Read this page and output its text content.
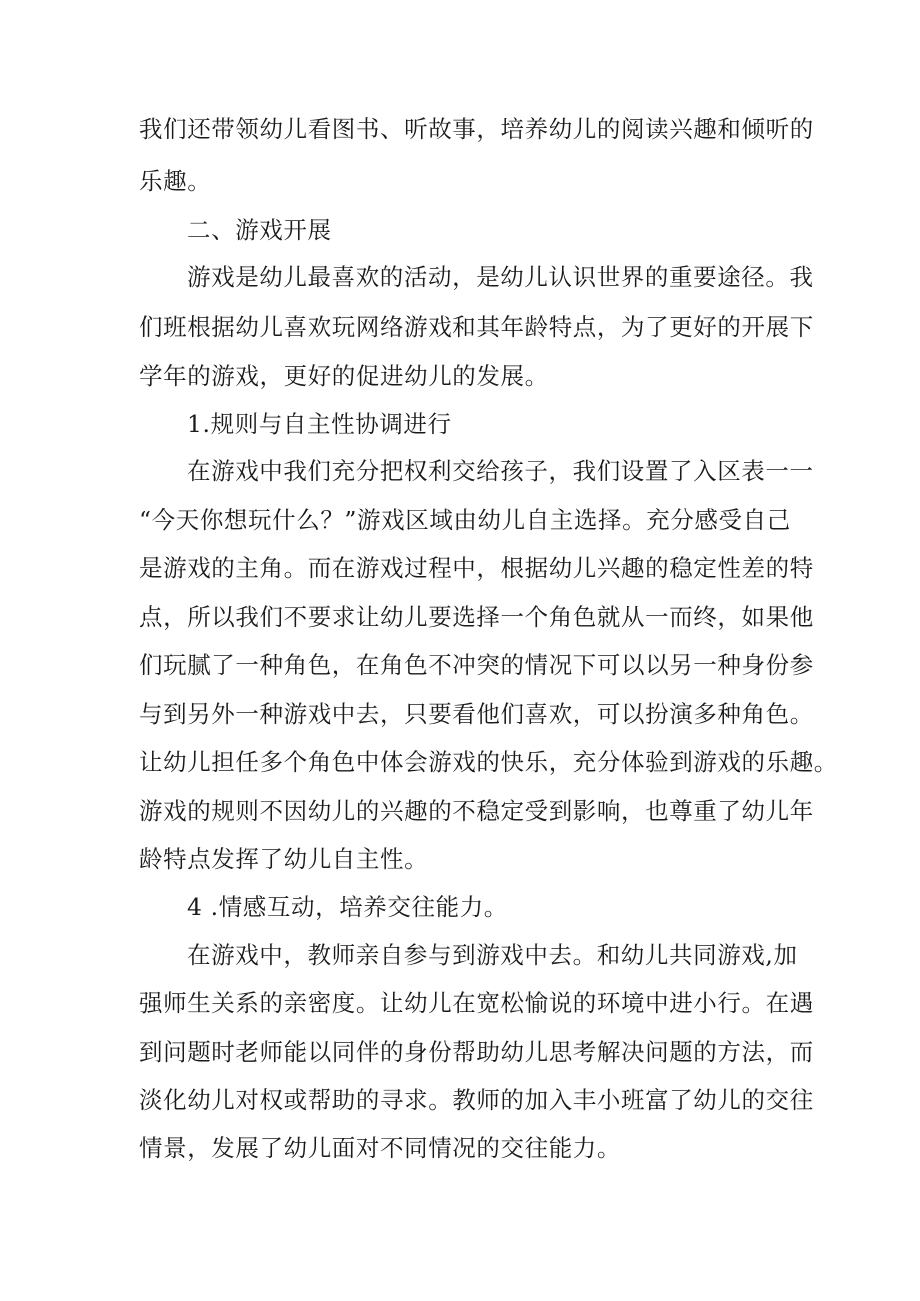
我们还带领幼儿看图书、听故事，培养幼儿的阅读兴趣和倾听的
乐趣。
二、游戏开展
游戏是幼儿最喜欢的活动，是幼儿认识世界的重要途径。我
们班根据幼儿喜欢玩网络游戏和其年龄特点，为了更好的开展下
学年的游戏，更好的促进幼儿的发展。
1.规则与自主性协调进行
在游戏中我们充分把权利交给孩子，我们设置了入区表一一
“今天你想玩什么？”游戏区域由幼儿自主选择。充分感受自己
是游戏的主角。而在游戏过程中，根据幼儿兴趣的稳定性差的特
点，所以我们不要求让幼儿要选择一个角色就从一而终，如果他
们玩腻了一种角色，在角色不冲突的情况下可以以另一种身份参
与到另外一种游戏中去，只要看他们喜欢，可以扮演多种角色。
让幼儿担任多个角色中体会游戏的快乐，充分体验到游戏的乐趣。
游戏的规则不因幼儿的兴趣的不稳定受到影响，也尊重了幼儿年
龄特点发挥了幼儿自主性。
4 .情感互动，培养交往能力。
在游戏中，教师亲自参与到游戏中去。和幼儿共同游戏,加
强师生关系的亲密度。让幼儿在宽松愉说的环境中进小行。在遇
到问题时老师能以同伴的身份帮助幼儿思考解决问题的方法，而
淡化幼儿对权或帮助的寻求。教师的加入丰小班富了幼儿的交往
情景，发展了幼儿面对不同情况的交往能力。
